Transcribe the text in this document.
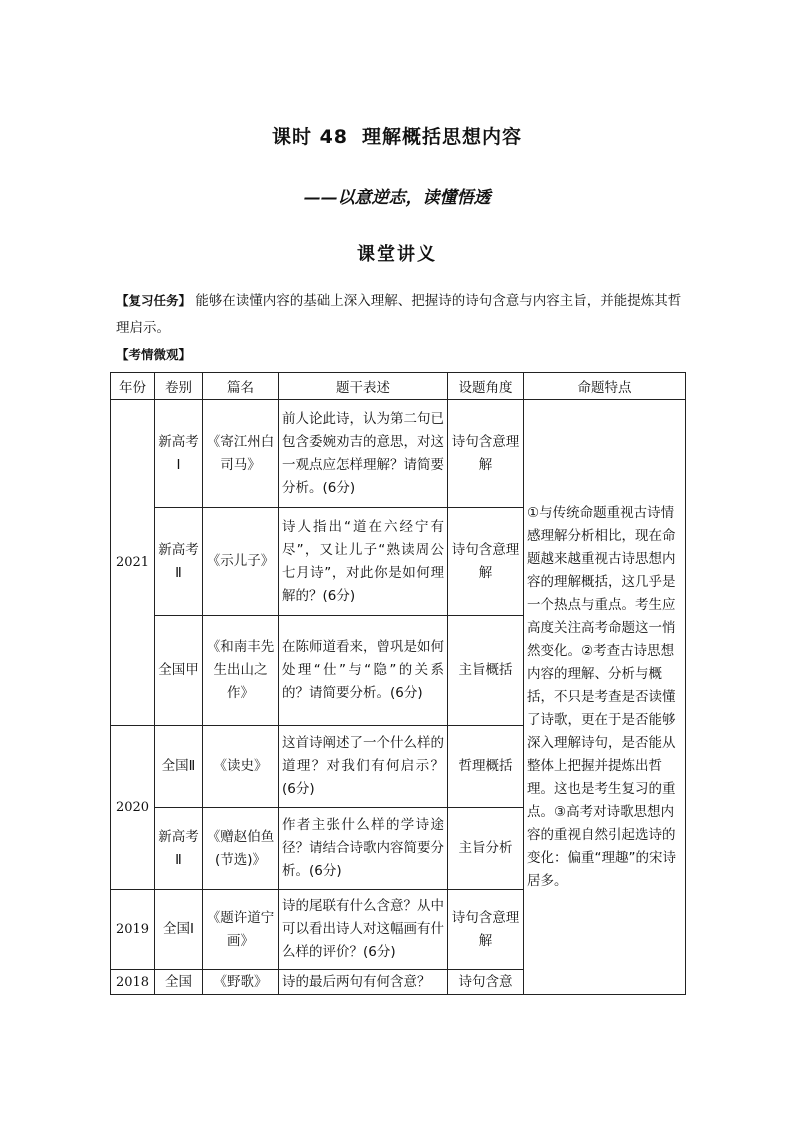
课时 48 理解概括思想内容
——以意逆志，读懂悟透
课堂讲义
【复习任务】 能够在读懂内容的基础上深入理解、把握诗的诗句含意与内容主旨，并能提炼其哲理启示。
【考情微观】
年份	卷别	篇名	题干表述	设题角度	命题特点
2021	新高考Ⅰ	《寄江州白司马》	前人论此诗，认为第二句已包含委婉劝吉的意思，对这一观点应怎样理解？请简要分析。(6分)	诗句含意理解	①与传统命题重视古诗情感理解分析相比，现在命题越来越重视古诗思想内容的理解概括，这几乎是一个热点与重点。考生应高度关注高考命题这一悄然变化。②考查古诗思想内容的理解、分析与概括，不只是考查是否读懂了诗歌，更在于是否能够深入理解诗句，是否能从整体上把握并提炼出哲理。这也是考生复习的重点。③高考对诗歌思想内容的重视自然引起选诗的变化：偏重“理趣”的宋诗居多。
	新高考Ⅱ	《示儿子》	诗人指出“道在六经宁有尽”，又让儿子“熟读周公七月诗”，对此你是如何理解的？(6分)	诗句含意理解	
	全国甲	《和南丰先生出山之作》	在陈师道看来，曾巩是如何处理“仕”与“隐”的关系的？请简要分析。(6分)	主旨概括	
2020	全国Ⅱ	《读史》	这首诗阐述了一个什么样的道理？对我们有何启示？(6分)	哲理概括	
	新高考Ⅱ	《赠赵伯鱼(节选)》	作者主张什么样的学诗途径？请结合诗歌内容简要分析。(6分)	主旨分析	
2019	全国Ⅰ	《题许道宁画》	诗的尾联有什么含意？从中可以看出诗人对这幅画有什么样的评价？(6分)	诗句含意理解	
2018	全国	《野歌》	诗的最后两句有何含意？	诗句含意	
